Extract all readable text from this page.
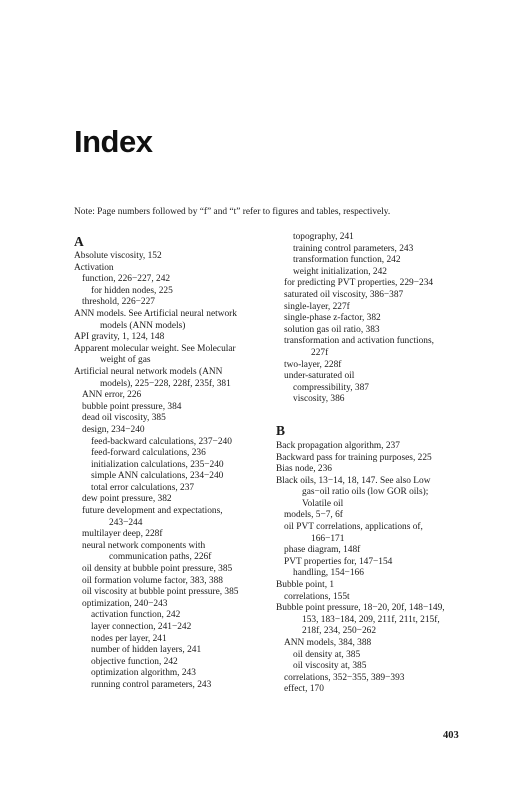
Index
Note: Page numbers followed by “f” and “t” refer to figures and tables, respectively.
A
Absolute viscosity, 152
Activation
function, 226−227, 242
for hidden nodes, 225
threshold, 226−227
ANN models. See Artificial neural network
models (ANN models)
API gravity, 1, 124, 148
Apparent molecular weight. See Molecular
weight of gas
Artificial neural network models (ANN
models), 225−228, 228f, 235f, 381
ANN error, 226
bubble point pressure, 384
dead oil viscosity, 385
design, 234−240
feed-backward calculations, 237−240
feed-forward calculations, 236
initialization calculations, 235−240
simple ANN calculations, 234−240
total error calculations, 237
dew point pressure, 382
future development and expectations,
243−244
multilayer deep, 228f
neural network components with
communication paths, 226f
oil density at bubble point pressure, 385
oil formation volume factor, 383, 388
oil viscosity at bubble point pressure, 385
optimization, 240−243
activation function, 242
layer connection, 241−242
nodes per layer, 241
number of hidden layers, 241
objective function, 242
optimization algorithm, 243
running control parameters, 243
topography, 241
training control parameters, 243
transformation function, 242
weight initialization, 242
for predicting PVT properties, 229−234
saturated oil viscosity, 386−387
single-layer, 227f
single-phase z-factor, 382
solution gas oil ratio, 383
transformation and activation functions,
227f
two-layer, 228f
under-saturated oil
compressibility, 387
viscosity, 386
B
Back propagation algorithm, 237
Backward pass for training purposes, 225
Bias node, 236
Black oils, 13−14, 18, 147. See also Low
gas−oil ratio oils (low GOR oils);
Volatile oil
models, 5−7, 6f
oil PVT correlations, applications of,
166−171
phase diagram, 148f
PVT properties for, 147−154
handling, 154−166
Bubble point, 1
correlations, 155t
Bubble point pressure, 18−20, 20f, 148−149,
153, 183−184, 209, 211f, 211t, 215f,
218f, 234, 250−262
ANN models, 384, 388
oil density at, 385
oil viscosity at, 385
correlations, 352−355, 389−393
effect, 170
403
